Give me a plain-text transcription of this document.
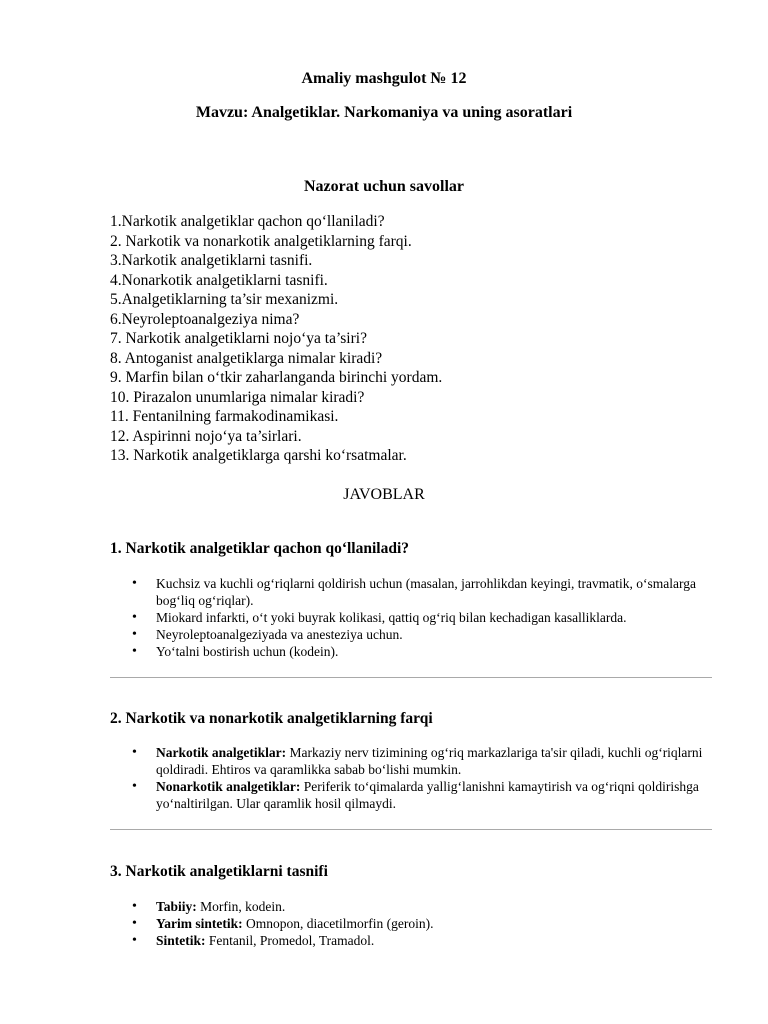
Amaliy mashgulot № 12
Mavzu: Analgetiklar. Narkomaniya va uning asoratlari
Nazorat uchun savollar
1.Narkotik analgetiklar qachon qo‘llaniladi?
2. Narkotik va nonarkotik analgetiklarning farqi.
3.Narkotik analgetiklarni tasnifi.
4.Nonarkotik analgetiklarni tasnifi.
5.Analgetiklarning ta’sir mexanizmi.
6.Neyroleptoanalgeziya nima?
7. Narkotik analgetiklarni nojo‘ya ta’siri?
8. Antoganist analgetiklarga nimalar kiradi?
9. Marfin bilan o‘tkir zaharlanganda birinchi yordam.
10. Pirazalon unumlariga nimalar kiradi?
11. Fentanilning farmakodinamikasi.
12. Aspirinni nojo‘ya ta’sirlari.
13. Narkotik analgetiklarga qarshi ko‘rsatmalar.
JAVOBLAR
1. Narkotik analgetiklar qachon qo‘llaniladi?
• Kuchsiz va kuchli og‘riqlarni qoldirish uchun (masalan, jarrohlikdan keyingi, travmatik, o‘smalarga bog‘liq og‘riqlar).
• Miokard infarkti, o‘t yoki buyrak kolikasi, qattiq og‘riq bilan kechadigan kasalliklarda.
• Neyroleptoanalgeziyada va anesteziya uchun.
• Yo‘talni bostirish uchun (kodein).
2. Narkotik va nonarkotik analgetiklarning farqi
• Narkotik analgetiklar: Markaziy nerv tizimining og‘riq markazlariga ta'sir qiladi, kuchli og‘riqlarni qoldiradi. Ehtiros va qaramlikka sabab bo‘lishi mumkin.
• Nonarkotik analgetiklar: Periferik to‘qimalarda yallig‘lanishni kamaytirish va og‘riqni qoldirishga yo‘naltirilgan. Ular qaramlik hosil qilmaydi.
3. Narkotik analgetiklarni tasnifi
• Tabiiy: Morfin, kodein.
• Yarim sintetik: Omnopon, diacetilmorfin (geroin).
• Sintetik: Fentanil, Promedol, Tramadol.
